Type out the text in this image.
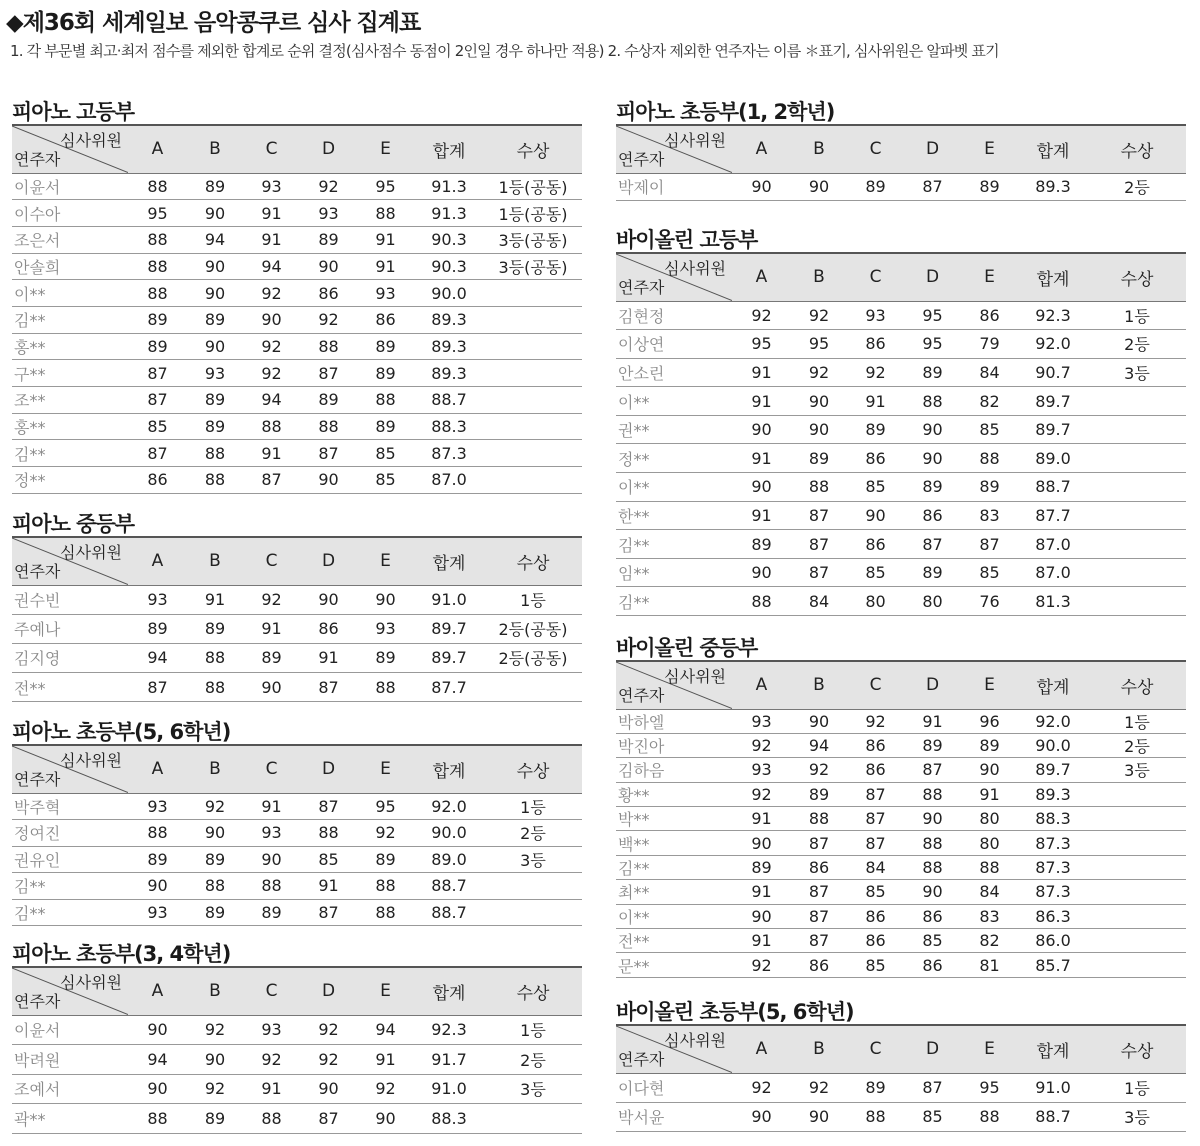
◆제36회 세계일보 음악콩쿠르 심사 집계표
1. 각 부문별 최고·최저 점수를 제외한 합계로 순위 결정(심사점수 동점이 2인일 경우 하나만 적용) 2. 수상자 제외한 연주자는 이름 ＊표기, 심사위원은 알파벳 표기
피아노 고등부
심사위원
연주자	A	B	C	D	E	합계	수상
이윤서	88	89	93	92	95	91.3	1등(공동)
이수아	95	90	91	93	88	91.3	1등(공동)
조은서	88	94	91	89	91	90.3	3등(공동)
안솔희	88	90	94	90	91	90.3	3등(공동)
이**	88	90	92	86	93	90.0	
김**	89	89	90	92	86	89.3	
홍**	89	90	92	88	89	89.3	
구**	87	93	92	87	89	89.3	
조**	87	89	94	89	88	88.7	
홍**	85	89	88	88	89	88.3	
김**	87	88	91	87	85	87.3	
정**	86	88	87	90	85	87.0	
피아노 중등부
심사위원
연주자	A	B	C	D	E	합계	수상
권수빈	93	91	92	90	90	91.0	1등
주예나	89	89	91	86	93	89.7	2등(공동)
김지영	94	88	89	91	89	89.7	2등(공동)
전**	87	88	90	87	88	87.7	
피아노 초등부(5, 6학년)
심사위원
연주자	A	B	C	D	E	합계	수상
박주혁	93	92	91	87	95	92.0	1등
정여진	88	90	93	88	92	90.0	2등
권유인	89	89	90	85	89	89.0	3등
김**	90	88	88	91	88	88.7	
김**	93	89	89	87	88	88.7	
피아노 초등부(3, 4학년)
심사위원
연주자	A	B	C	D	E	합계	수상
이윤서	90	92	93	92	94	92.3	1등
박려원	94	90	92	92	91	91.7	2등
조예서	90	92	91	90	92	91.0	3등
곽**	88	89	88	87	90	88.3	
피아노 초등부(1, 2학년)
심사위원
연주자	A	B	C	D	E	합계	수상
박제이	90	90	89	87	89	89.3	2등
바이올린 고등부
심사위원
연주자	A	B	C	D	E	합계	수상
김현정	92	92	93	95	86	92.3	1등
이상연	95	95	86	95	79	92.0	2등
안소린	91	92	92	89	84	90.7	3등
이**	91	90	91	88	82	89.7	
권**	90	90	89	90	85	89.7	
정**	91	89	86	90	88	89.0	
이**	90	88	85	89	89	88.7	
한**	91	87	90	86	83	87.7	
김**	89	87	86	87	87	87.0	
임**	90	87	85	89	85	87.0	
김**	88	84	80	80	76	81.3	
바이올린 중등부
심사위원
연주자	A	B	C	D	E	합계	수상
박하엘	93	90	92	91	96	92.0	1등
박진아	92	94	86	89	89	90.0	2등
김하음	93	92	86	87	90	89.7	3등
황**	92	89	87	88	91	89.3	
박**	91	88	87	90	80	88.3	
백**	90	87	87	88	80	87.3	
김**	89	86	84	88	88	87.3	
최**	91	87	85	90	84	87.3	
이**	90	87	86	86	83	86.3	
전**	91	87	86	85	82	86.0	
문**	92	86	85	86	81	85.7	
바이올린 초등부(5, 6학년)
심사위원
연주자	A	B	C	D	E	합계	수상
이다현	92	92	89	87	95	91.0	1등
박서윤	90	90	88	85	88	88.7	3등
